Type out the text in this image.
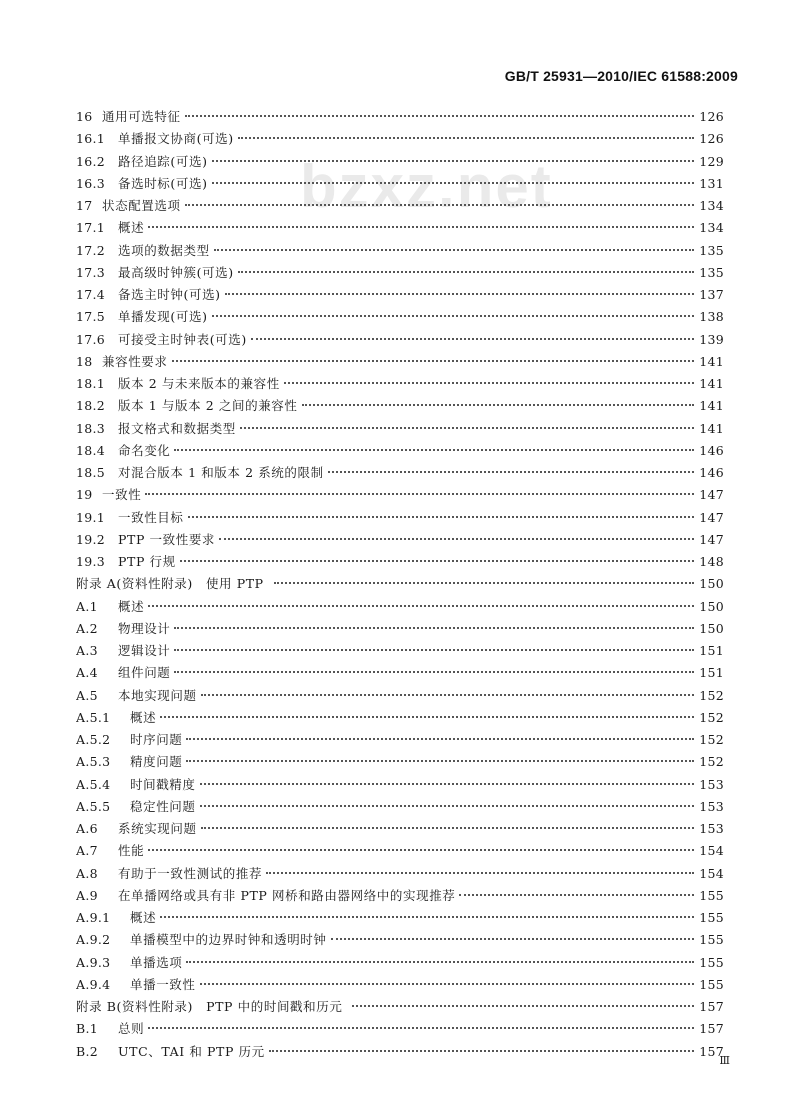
bzxz.net
GB/T 25931—2010/IEC 61588:2009
16 通用可选特征	126
16.1	单播报文协商(可选)	126
16.2	路径追踪(可选)	129
16.3	备选时标(可选)	131
17 状态配置选项	134
17.1	概述	134
17.2	选项的数据类型	135
17.3	最高级时钟簇(可选)	135
17.4	备选主时钟(可选)	137
17.5	单播发现(可选)	138
17.6	可接受主时钟表(可选)	139
18 兼容性要求	141
18.1	版本 2 与未来版本的兼容性	141
18.2	版本 1 与版本 2 之间的兼容性	141
18.3	报文格式和数据类型	141
18.4	命名变化	146
18.5	对混合版本 1 和版本 2 系统的限制	146
19 一致性	147
19.1	一致性目标	147
19.2	PTP 一致性要求	147
19.3	PTP 行规	148
附录 A(资料性附录)　使用 PTP	150
A.1	概述	150
A.2	物理设计	150
A.3	逻辑设计	151
A.4	组件问题	151
A.5	本地实现问题	152
A.5.1	概述	152
A.5.2	时序问题	152
A.5.3	精度问题	152
A.5.4	时间戳精度	153
A.5.5	稳定性问题	153
A.6	系统实现问题	153
A.7	性能	154
A.8	有助于一致性测试的推荐	154
A.9	在单播网络或具有非 PTP 网桥和路由器网络中的实现推荐	155
A.9.1	概述	155
A.9.2	单播模型中的边界时钟和透明时钟	155
A.9.3	单播选项	155
A.9.4	单播一致性	155
附录 B(资料性附录)　PTP 中的时间戳和历元	157
B.1	总则	157
B.2	UTC、TAI 和 PTP 历元	157
Ⅲ
